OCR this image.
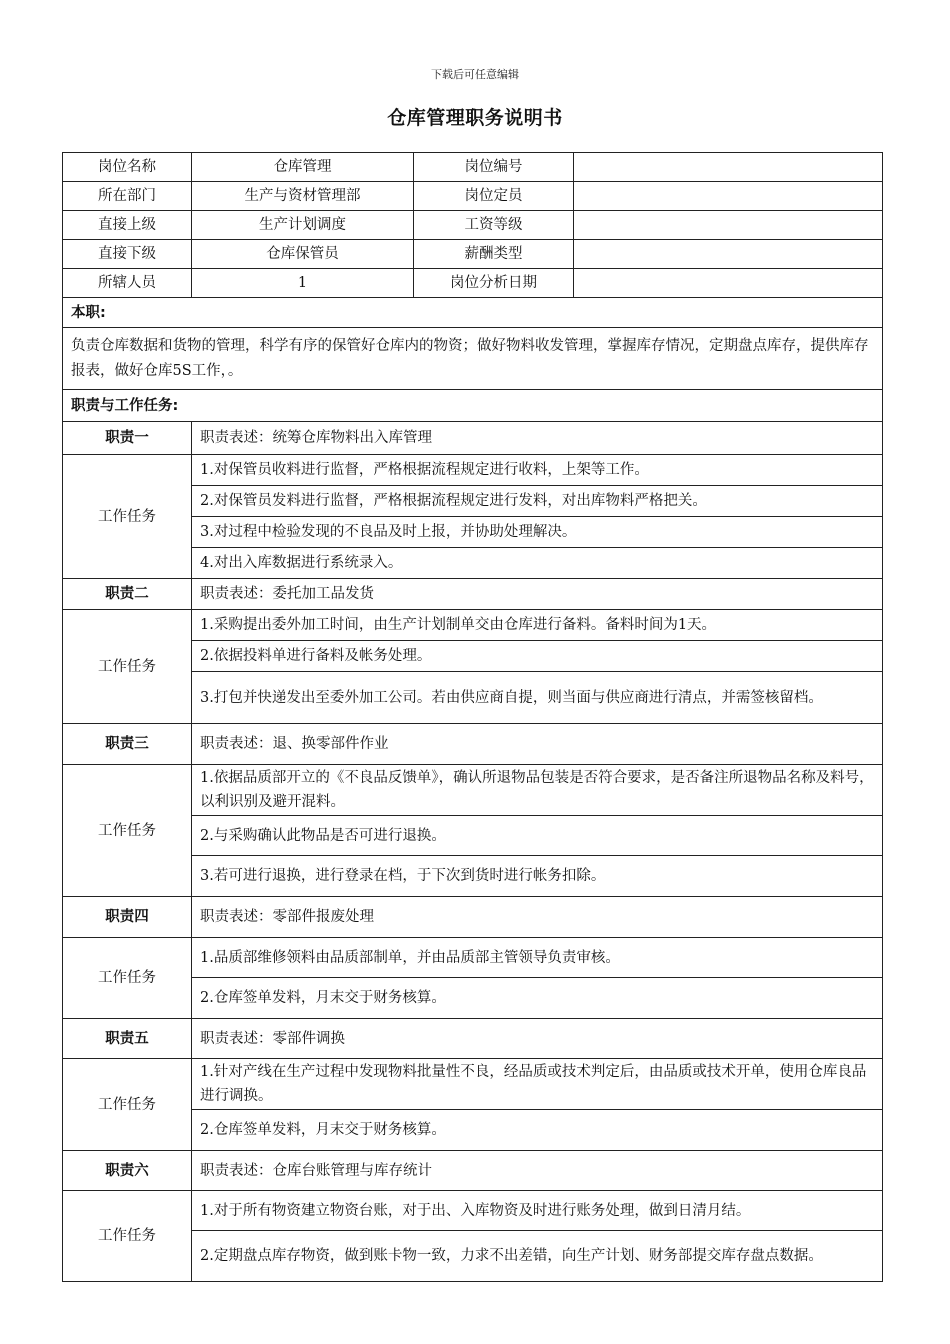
下载后可任意编辑
仓库管理职务说明书
岗位名称	仓库管理	岗位编号	
所在部门	生产与资材管理部	岗位定员	
直接上级	生产计划调度	工资等级	
直接下级	仓库保管员	薪酬类型	
所辖人员	1	岗位分析日期	
本职:			
负责仓库数据和货物的管理，科学有序的保管好仓库内的物资；做好物料收发管理，掌握库存情况，定期盘点库存，提供库存报表，做好仓库5S工作，。			
职责与工作任务:			
职责一	职责表述：统筹仓库物料出入库管理		
工作任务	1.对保管员收料进行监督，严格根据流程规定进行收料，上架等工作。		
	2.对保管员发料进行监督，严格根据流程规定进行发料，对出库物料严格把关。		
	3.对过程中检验发现的不良品及时上报，并协助处理解决。		
	4.对出入库数据进行系统录入。		
职责二	职责表述：委托加工品发货		
工作任务	1.采购提出委外加工时间，由生产计划制单交由仓库进行备料。备料时间为1天。		
	2.依据投料单进行备料及帐务处理。		
	3.打包并快递发出至委外加工公司。若由供应商自提，则当面与供应商进行清点，并需签核留档。		
职责三	职责表述：退、换零部件作业		
工作任务	1.依据品质部开立的《不良品反馈单》，确认所退物品包装是否符合要求，是否备注所退物品名称及料号，以利识别及避开混料。		
	2.与采购确认此物品是否可进行退换。		
	3.若可进行退换，进行登录在档，于下次到货时进行帐务扣除。		
职责四	职责表述：零部件报废处理		
工作任务	1.品质部维修领料由品质部制单，并由品质部主管领导负责审核。		
	2.仓库签单发料，月末交于财务核算。		
职责五	职责表述：零部件调换		
工作任务	1.针对产线在生产过程中发现物料批量性不良，经品质或技术判定后，由品质或技术开单，使用仓库良品进行调换。		
	2.仓库签单发料，月末交于财务核算。		
职责六	职责表述：仓库台账管理与库存统计		
工作任务	1.对于所有物资建立物资台账，对于出、入库物资及时进行账务处理，做到日清月结。		
	2.定期盘点库存物资，做到账卡物一致，力求不出差错，向生产计划、财务部提交库存盘点数据。		
